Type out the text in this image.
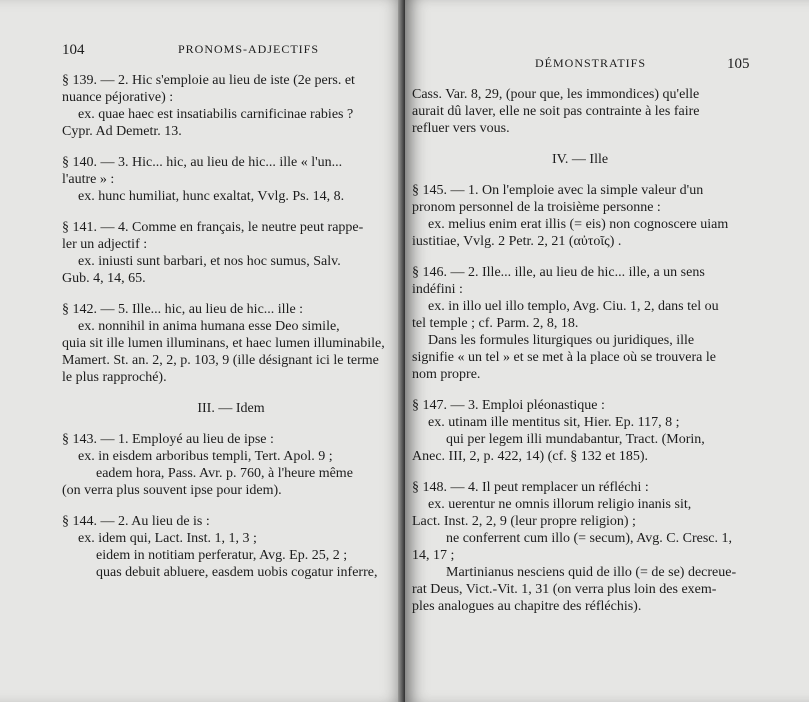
104	PRONOMS-ADJECTIFS
§ 139. — 2. Hic s'emploie au lieu de iste (2e pers. et
nuance péjorative) :
ex. quae haec est insatiabilis carnificinae rabies ?
Cypr. Ad Demetr. 13.
§ 140. — 3. Hic... hic, au lieu de hic... ille « l'un...
l'autre » :
ex. hunc humiliat, hunc exaltat, Vvlg. Ps. 14, 8.
§ 141. — 4. Comme en français, le neutre peut rappe-
ler un adjectif :
ex. iniusti sunt barbari, et nos hoc sumus, Salv.
Gub. 4, 14, 65.
§ 142. — 5. Ille... hic, au lieu de hic... ille :
ex. nonnihil in anima humana esse Deo simile,
quia sit ille lumen illuminans, et haec lumen illuminabile,
Mamert. St. an. 2, 2, p. 103, 9 (ille désignant ici le terme
le plus rapproché).
III. — Idem
§ 143. — 1. Employé au lieu de ipse :
ex. in eisdem arboribus templi, Tert. Apol. 9 ;
eadem hora, Pass. Avr. p. 760, à l'heure même
(on verra plus souvent ipse pour idem).
§ 144. — 2. Au lieu de is :
ex. idem qui, Lact. Inst. 1, 1, 3 ;
eidem in notitiam perferatur, Avg. Ep. 25, 2 ;
quas debuit abluere, easdem uobis cogatur inferre,
DÉMONSTRATIFS	105
Cass. Var. 8, 29, (pour que, les immondices) qu'elle
aurait dû laver, elle ne soit pas contrainte à les faire
refluer vers vous.
IV. — Ille
§ 145. — 1. On l'emploie avec la simple valeur d'un
pronom personnel de la troisième personne :
ex. melius enim erat illis (= eis) non cognoscere uiam
iustitiae, Vvlg. 2 Petr. 2, 21 (αὐτοῖς) .
§ 146. — 2. Ille... ille, au lieu de hic... ille, a un sens
indéfini :
ex. in illo uel illo templo, Avg. Ciu. 1, 2, dans tel ou
tel temple ; cf. Parm. 2, 8, 18.
Dans les formules liturgiques ou juridiques, ille
signifie « un tel » et se met à la place où se trouvera le
nom propre.
§ 147. — 3. Emploi pléonastique :
ex. utinam ille mentitus sit, Hier. Ep. 117, 8 ;
qui per legem illi mundabantur, Tract. (Morin,
Anec. III, 2, p. 422, 14) (cf. § 132 et 185).
§ 148. — 4. Il peut remplacer un réfléchi :
ex. uerentur ne omnis illorum religio inanis sit,
Lact. Inst. 2, 2, 9 (leur propre religion) ;
ne conferrent cum illo (= secum), Avg. C. Cresc. 1,
14, 17 ;
Martinianus nesciens quid de illo (= de se) decreue-
rat Deus, Vict.-Vit. 1, 31 (on verra plus loin des exem-
ples analogues au chapitre des réfléchis).
